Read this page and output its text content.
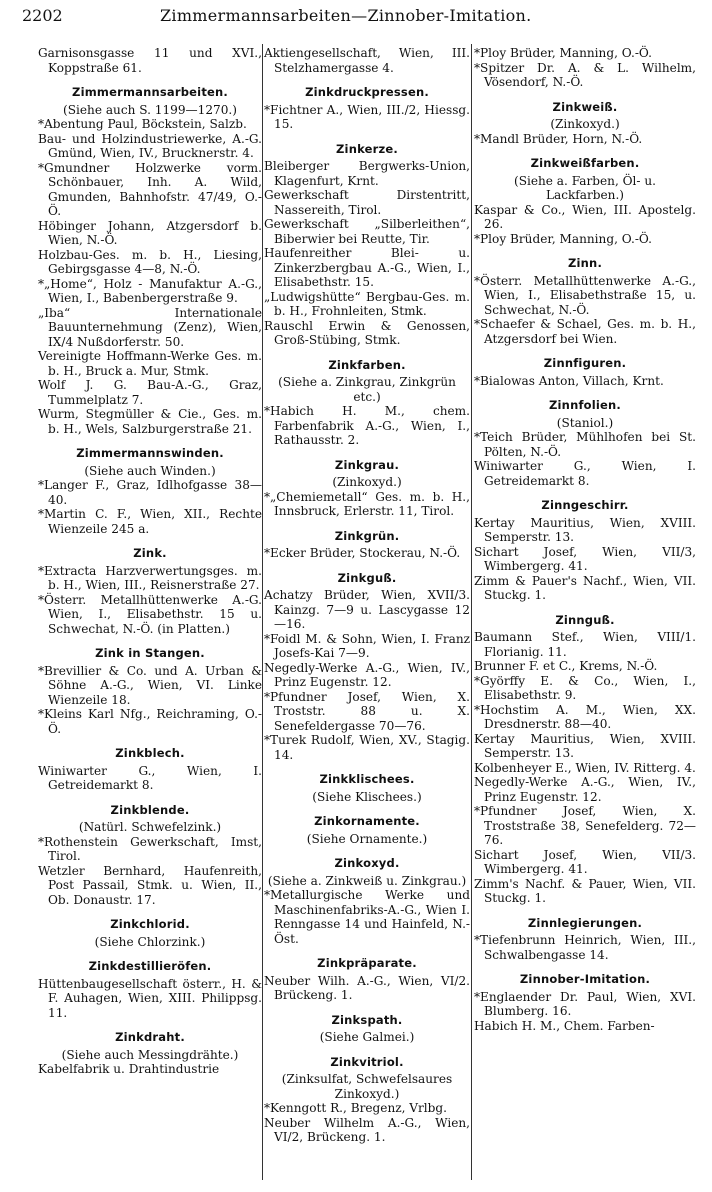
2202	Zimmermannsarbeiten—Zinnober-Imitation.
Garnisonsgasse 11 und XVI., Koppstraße 61.
Zimmermannsarbeiten.
(Siehe auch S. 1199—1270.)
*Abentung Paul, Böckstein, Salzb.
Bau- und Holzindustriewerke, A.-G. Gmünd, Wien, IV., Brucknerstr. 4.
*Gmundner Holzwerke vorm. Schönbauer, Inh. A. Wild, Gmunden, Bahnhofstr. 47/49, O.-Ö.
Höbinger Johann, Atzgersdorf b. Wien, N.-Ö.
Holzbau-Ges. m. b. H., Liesing, Gebirgsgasse 4—8, N.-Ö.
*„Home“, Holz - Manufaktur A.-G., Wien, I., Babenbergerstraße 9.
„Iba“ Internationale Bauunternehmung (Zenz), Wien, IX/4 Nußdorferstr. 50.
Vereinigte Hoffmann-Werke Ges. m. b. H., Bruck a. Mur, Stmk.
Wolf J. G. Bau-A.-G., Graz, Tummelplatz 7.
Wurm, Stegmüller & Cie., Ges. m. b. H., Wels, Salzburgerstraße 21.
Zimmermannswinden.
(Siehe auch Winden.)
*Langer F., Graz, Idlhofgasse 38—40.
*Martin C. F., Wien, XII., Rechte Wienzeile 245 a.
Zink.
*Extracta Harzverwertungsges. m. b. H., Wien, III., Reisnerstraße 27.
*Österr. Metallhüttenwerke A.-G. Wien, I., Elisabethstr. 15 u. Schwechat, N.-Ö. (in Platten.)
Zink in Stangen.
*Brevillier & Co. und A. Urban & Söhne A.-G., Wien, VI. Linke Wienzeile 18.
*Kleins Karl Nfg., Reichraming, O.-Ö.
Zinkblech.
Winiwarter G., Wien, I. Getreidemarkt 8.
Zinkblende.
(Natürl. Schwefelzink.)
*Rothenstein Gewerkschaft, Imst, Tirol.
Wetzler Bernhard, Haufenreith, Post Passail, Stmk. u. Wien, II., Ob. Donaustr. 17.
Zinkchlorid.
(Siehe Chlorzink.)
Zinkdestillieröfen.
Hüttenbaugesellschaft österr., H. & F. Auhagen, Wien, XIII. Philippsg. 11.
Zinkdraht.
(Siehe auch Messingdrähte.)
Kabelfabrik u. Drahtindustrie
Aktiengesellschaft, Wien, III. Stelzhamergasse 4.
Zinkdruckpressen.
*Fichtner A., Wien, III./2, Hiessg. 15.
Zinkerze.
Bleiberger Bergwerks-Union, Klagenfurt, Krnt.
Gewerkschaft Dirstentritt, Nassereith, Tirol.
Gewerkschaft „Silberleithen“, Biberwier bei Reutte, Tir.
Haufenreither Blei- u. Zinkerzbergbau A.-G., Wien, I., Elisabethstr. 15.
„Ludwigshütte“ Bergbau-Ges. m. b. H., Frohnleiten, Stmk.
Rauschl Erwin & Genossen, Groß-Stübing, Stmk.
Zinkfarben.
(Siehe a. Zinkgrau, Zinkgrün etc.)
*Habich H. M., chem. Farbenfabrik A.-G., Wien, I., Rathausstr. 2.
Zinkgrau.
(Zinkoxyd.)
*„Chemiemetall“ Ges. m. b. H., Innsbruck, Erlerstr. 11, Tirol.
Zinkgrün.
*Ecker Brüder, Stockerau, N.-Ö.
Zinkguß.
Achatzy Brüder, Wien, XVII/3. Kainzg. 7—9 u. Lascygasse 12—16.
*Foidl M. & Sohn, Wien, I. Franz Josefs-Kai 7—9.
Negedly-Werke A.-G., Wien, IV., Prinz Eugenstr. 12.
*Pfundner Josef, Wien, X. Troststr. 88 u. X. Senefeldergasse 70—76.
*Turek Rudolf, Wien, XV., Stagig. 14.
Zinkklischees.
(Siehe Klischees.)
Zinkornamente.
(Siehe Ornamente.)
Zinkoxyd.
(Siehe a. Zinkweiß u. Zinkgrau.)
*Metallurgische Werke und Maschinenfabriks-A.-G., Wien I. Renngasse 14 und Hainfeld, N.-Öst.
Zinkpräparate.
Neuber Wilh. A.-G., Wien, VI/2. Brückeng. 1.
Zinkspath.
(Siehe Galmei.)
Zinkvitriol.
(Zinksulfat, Schwefelsaures Zinkoxyd.)
*Kenngott R., Bregenz, Vrlbg.
Neuber Wilhelm A.-G., Wien, VI/2, Brückeng. 1.
*Ploy Brüder, Manning, O.-Ö.
*Spitzer Dr. A. & L. Wilhelm, Vösendorf, N.-Ö.
Zinkweiß.
(Zinkoxyd.)
*Mandl Brüder, Horn, N.-Ö.
Zinkweißfarben.
(Siehe a. Farben, Öl- u. Lackfarben.)
Kaspar & Co., Wien, III. Apostelg. 26.
*Ploy Brüder, Manning, O.-Ö.
Zinn.
*Österr. Metallhüttenwerke A.-G., Wien, I., Elisabethstraße 15, u. Schwechat, N.-Ö.
*Schaefer & Schael, Ges. m. b. H., Atzgersdorf bei Wien.
Zinnfiguren.
*Bialowas Anton, Villach, Krnt.
Zinnfolien.
(Staniol.)
*Teich Brüder, Mühlhofen bei St. Pölten, N.-Ö.
Winiwarter G., Wien, I. Getreidemarkt 8.
Zinngeschirr.
Kertay Mauritius, Wien, XVIII. Semperstr. 13.
Sichart Josef, Wien, VII/3, Wimbergerg. 41.
Zimm & Pauer's Nachf., Wien, VII. Stuckg. 1.
Zinnguß.
Baumann Stef., Wien, VIII/1. Florianig. 11.
Brunner F. et C., Krems, N.-Ö.
*Györffy E. & Co., Wien, I., Elisabethstr. 9.
*Hochstim A. M., Wien, XX. Dresdnerstr. 88—40.
Kertay Mauritius, Wien, XVIII. Semperstr. 13.
Kolbenheyer E., Wien, IV. Ritterg. 4.
Negedly-Werke A.-G., Wien, IV., Prinz Eugenstr. 12.
*Pfundner Josef, Wien, X. Troststraße 38, Senefelderg. 72—76.
Sichart Josef, Wien, VII/3. Wimbergerg. 41.
Zimm's Nachf. & Pauer, Wien, VII. Stuckg. 1.
Zinnlegierungen.
*Tiefenbrunn Heinrich, Wien, III., Schwalbengasse 14.
Zinnober-Imitation.
*Englaender Dr. Paul, Wien, XVI. Blumberg. 16.
Habich H. M., Chem. Farben-
